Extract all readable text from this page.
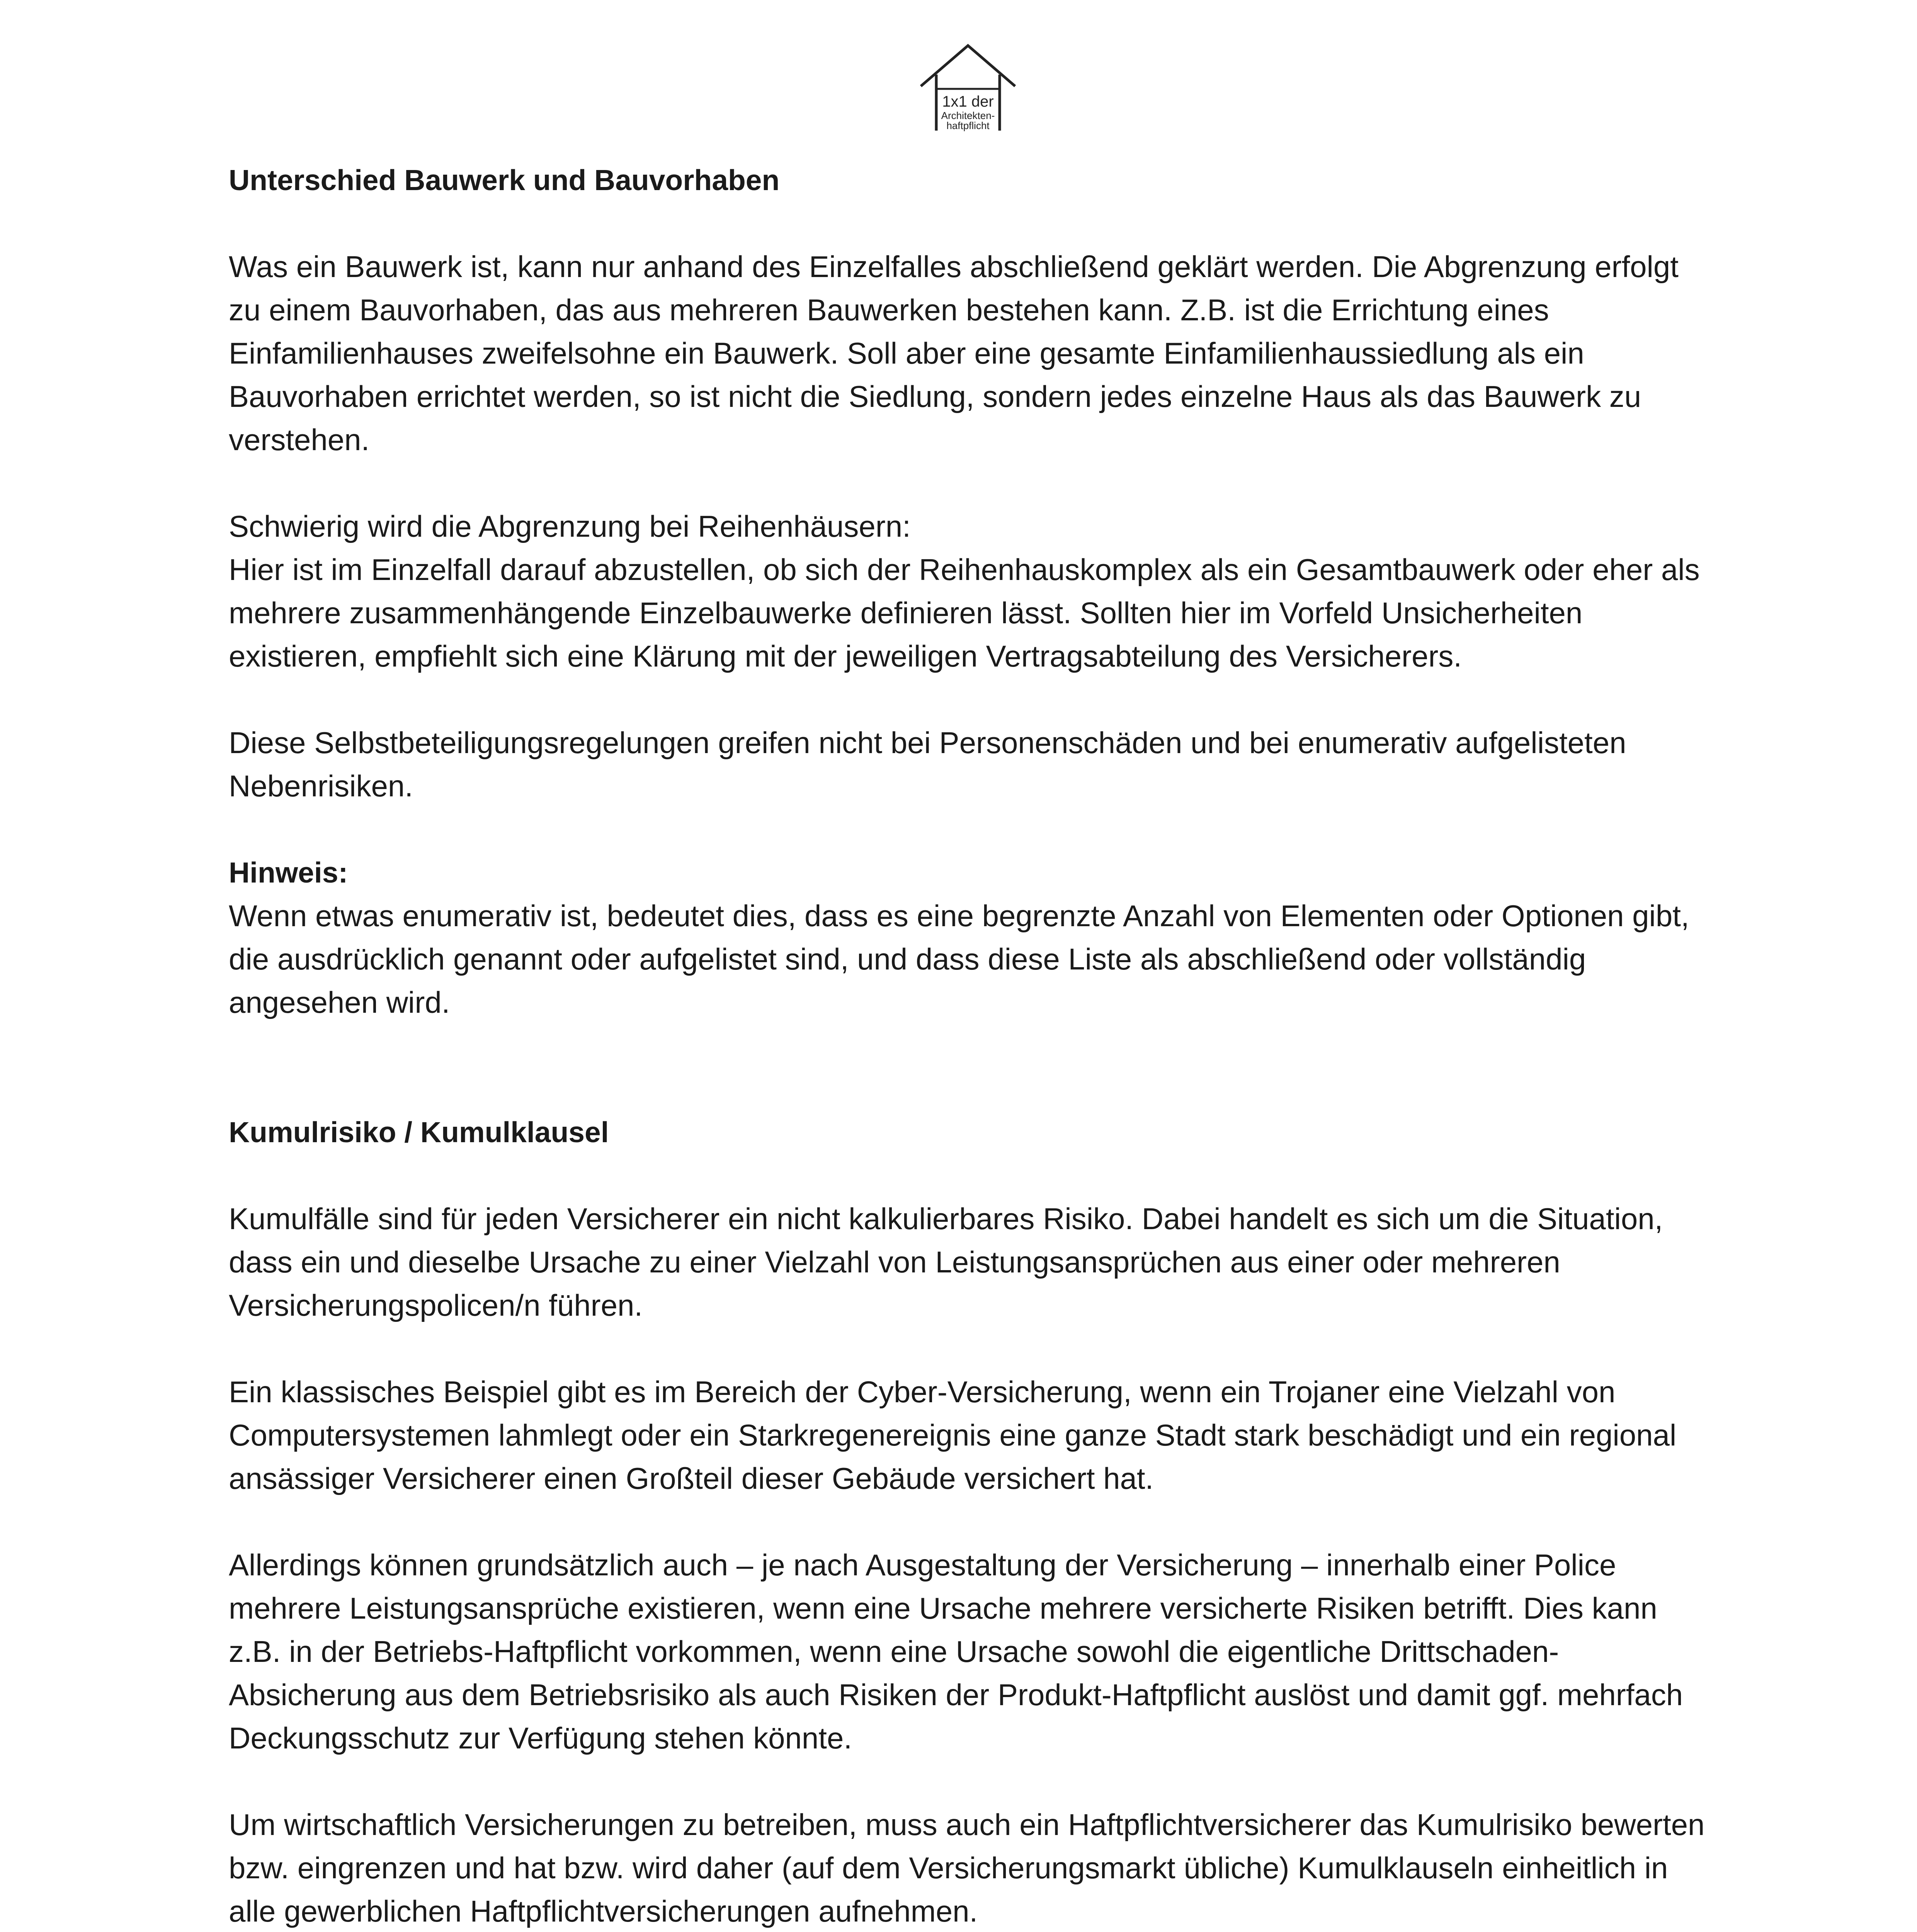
1x1 der
Architekten-
haftpflicht
Unterschied Bauwerk und Bauvorhaben

Was ein Bauwerk ist, kann nur anhand des Einzelfalles abschließend geklärt werden. Die Abgrenzung erfolgt zu einem Bauvorhaben, das aus mehreren Bauwerken bestehen kann. Z.B. ist die Errichtung eines Einfamilienhauses zweifelsohne ein Bauwerk. Soll aber eine gesamte Einfamilienhaussiedlung als ein Bauvorhaben errichtet werden, so ist nicht die Siedlung, sondern jedes einzelne Haus als das Bauwerk zu verstehen.

Schwierig wird die Abgrenzung bei Reihenhäusern:

Hier ist im Einzelfall darauf abzustellen, ob sich der Reihenhauskomplex als ein Gesamtbauwerk oder eher als mehrere zusammenhängende Einzelbauwerke definieren lässt. Sollten hier im Vorfeld Unsicherheiten existieren, empfiehlt sich eine Klärung mit der jeweiligen Vertragsabteilung des Versicherers.

Diese Selbstbeteiligungsregelungen greifen nicht bei Personenschäden und bei enumerativ aufgelisteten Nebenrisiken.

Hinweis:

Wenn etwas enumerativ ist, bedeutet dies, dass es eine begrenzte Anzahl von Elementen oder Optionen gibt, die ausdrücklich genannt oder aufgelistet sind, und dass diese Liste als abschließend oder vollständig angesehen wird.

Kumulrisiko / Kumulklausel

Kumulfälle sind für jeden Versicherer ein nicht kalkulierbares Risiko. Dabei handelt es sich um die Situation, dass ein und dieselbe Ursache zu einer Vielzahl von Leistungsansprüchen aus einer oder mehreren Versicherungspolicen/n führen.

Ein klassisches Beispiel gibt es im Bereich der Cyber-Versicherung, wenn ein Trojaner eine Vielzahl von Computersystemen lahmlegt oder ein Starkregenereignis eine ganze Stadt stark beschädigt und ein regional ansässiger Versicherer einen Großteil dieser Gebäude versichert hat.

Allerdings können grundsätzlich auch – je nach Ausgestaltung der Versicherung – innerhalb einer Police mehrere Leistungsansprüche existieren, wenn eine Ursache mehrere versicherte Risiken betrifft. Dies kann z.B. in der Betriebs-Haftpflicht vorkommen, wenn eine Ursache sowohl die eigentliche Drittschaden-Absicherung aus dem Betriebsrisiko als auch Risiken der Produkt-Haftpflicht auslöst und damit ggf. mehrfach Deckungsschutz zur Verfügung stehen könnte.

Um wirtschaftlich Versicherungen zu betreiben, muss auch ein Haftpflichtversicherer das Kumulrisiko bewerten bzw. eingrenzen und hat bzw. wird daher (auf dem Versicherungsmarkt übliche) Kumulklauseln einheitlich in alle gewerblichen Haftpflichtversicherungen aufnehmen.
